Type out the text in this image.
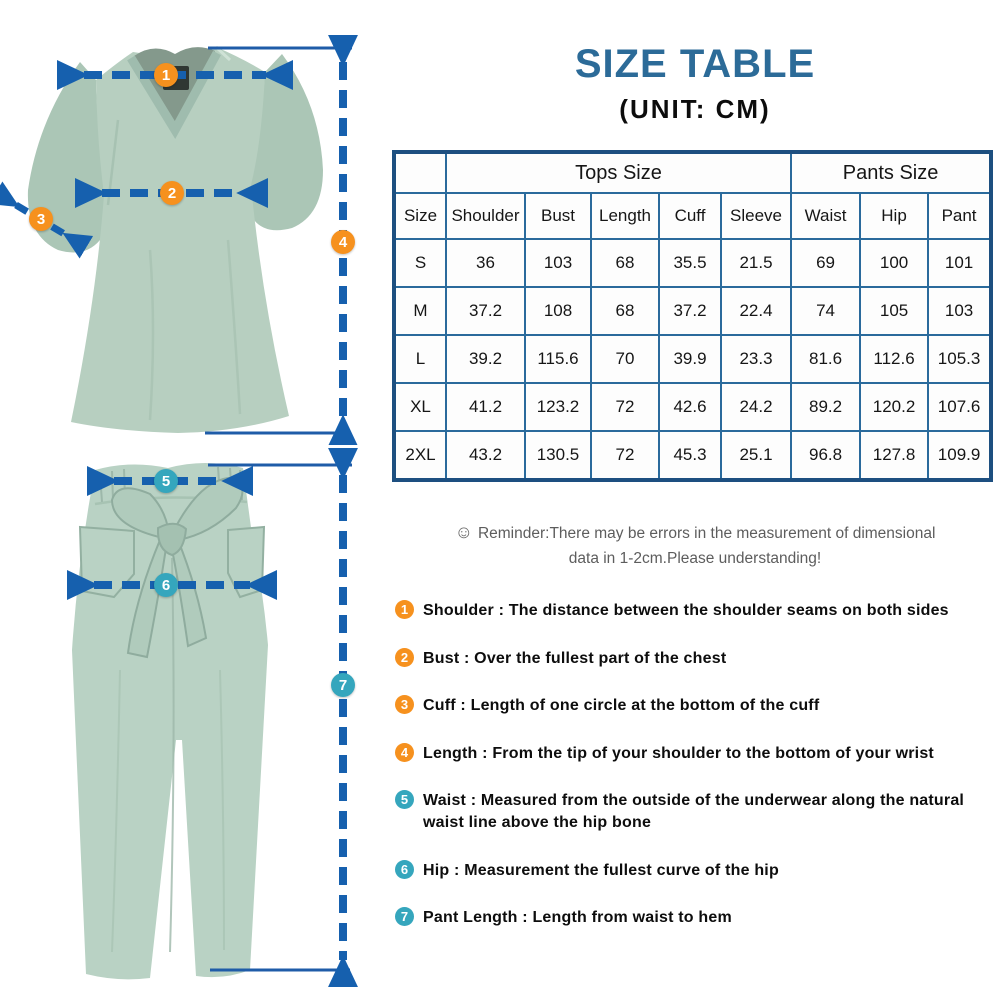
1
2
3
4
5
6
7
SIZE TABLE
(UNIT: CM)
	Tops Size					Pants Size		
Size	Shoulder	Bust	Length	Cuff	Sleeve	Waist	Hip	Pant
S	36	103	68	35.5	21.5	69	100	101
M	37.2	108	68	37.2	22.4	74	105	103
L	39.2	115.6	70	39.9	23.3	81.6	112.6	105.3
XL	41.2	123.2	72	42.6	24.2	89.2	120.2	107.6
2XL	43.2	130.5	72	45.3	25.1	96.8	127.8	109.9
☺ Reminder:There may be errors in the measurement of dimensional
data in 1-2cm.Please understanding!
1 Shoulder : The distance between the shoulder seams on both sides
2 Bust : Over the fullest part of the chest
3 Cuff : Length of one circle at the bottom of the cuff
4 Length : From the tip of your shoulder to the bottom of your wrist
5 Waist : Measured from the outside of the underwear along the natural waist line above the hip bone
6 Hip : Measurement the fullest curve of the hip
7 Pant Length : Length from waist to hem
